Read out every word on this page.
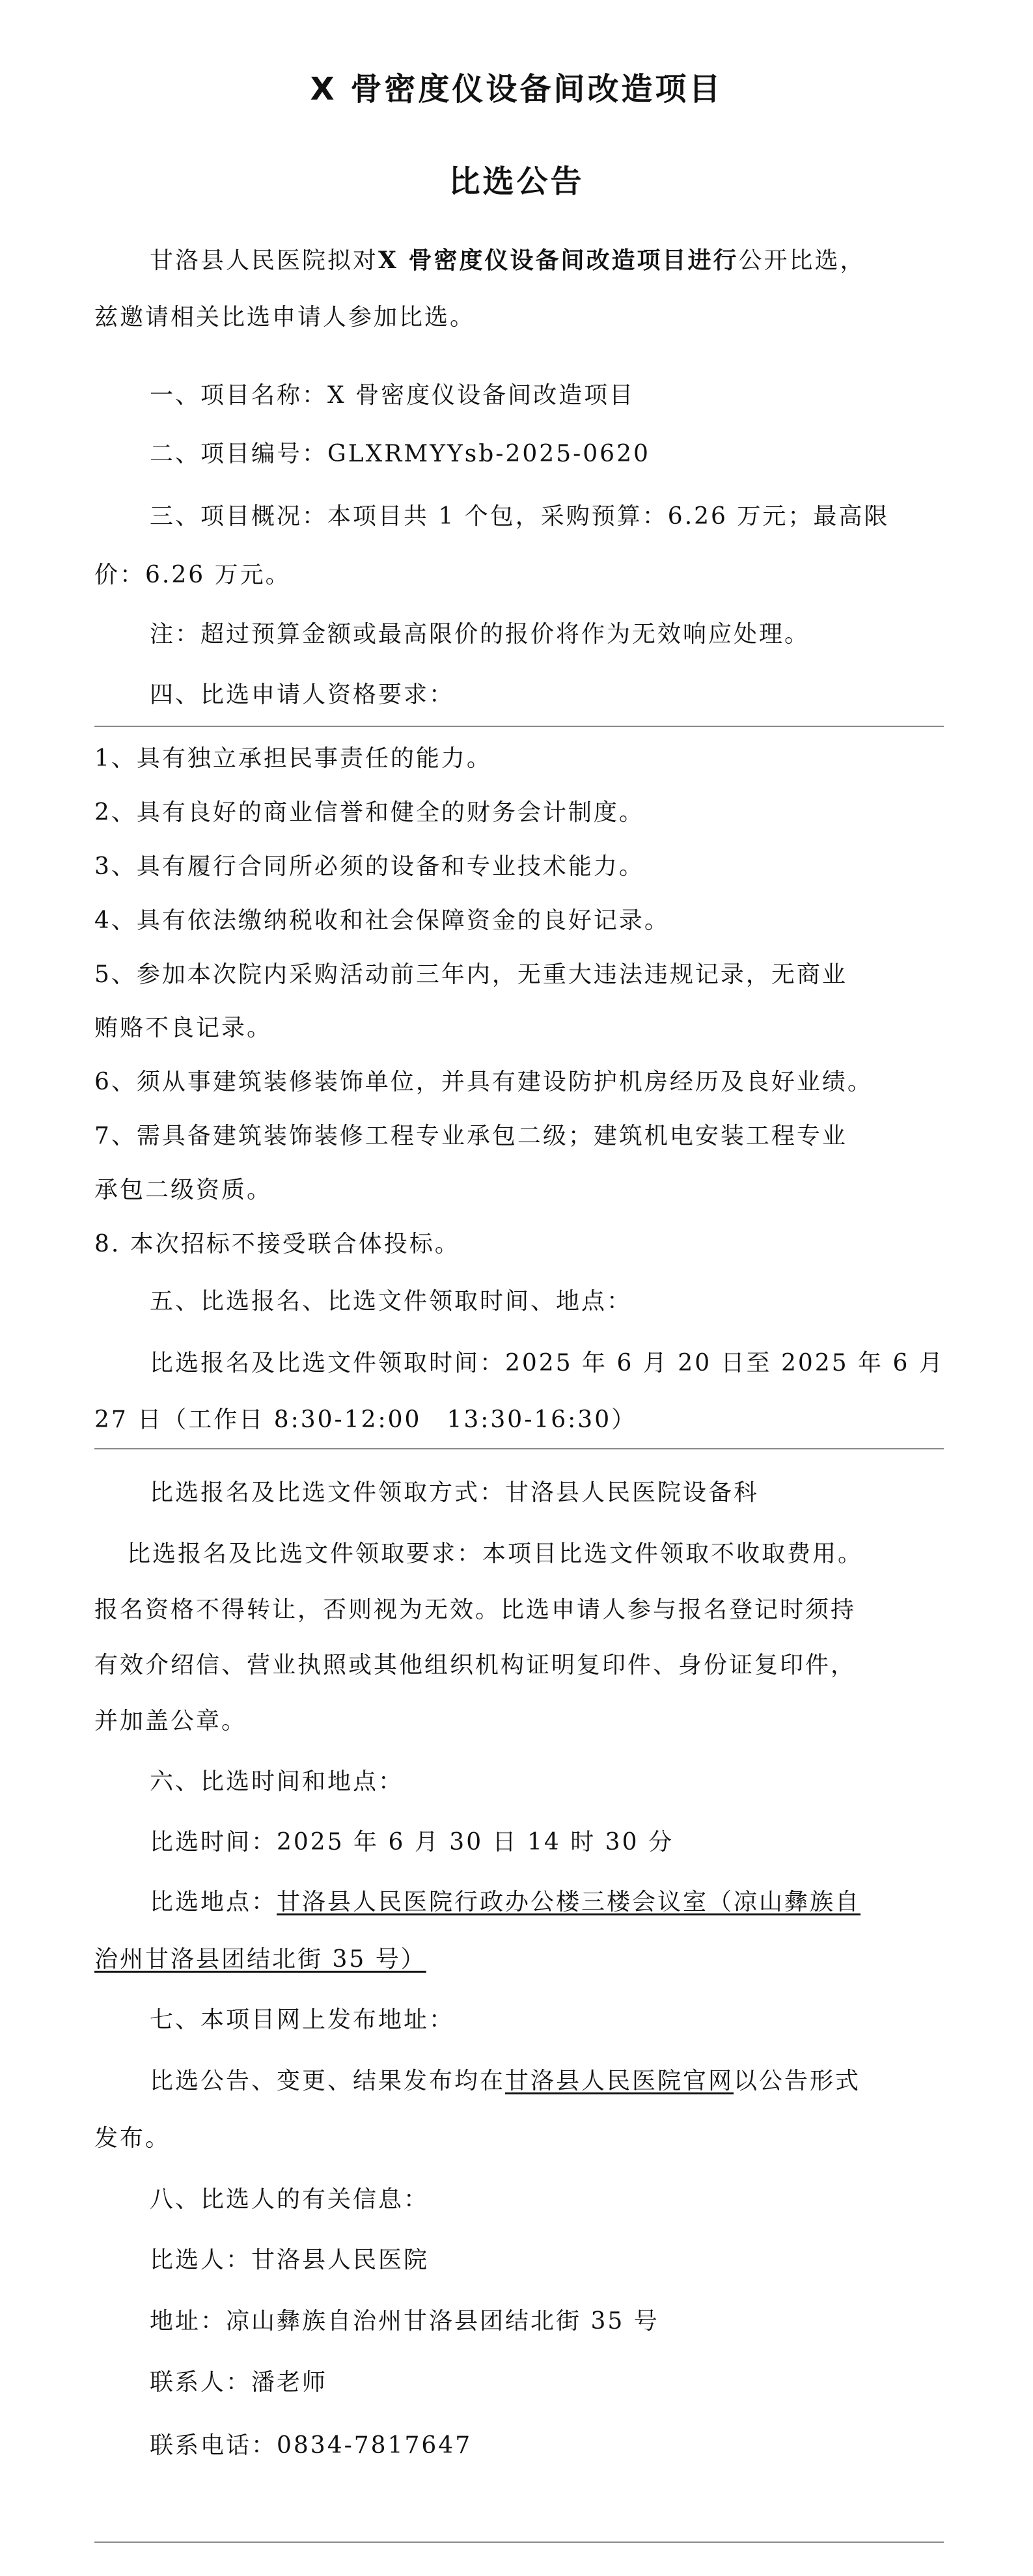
X 骨密度仪设备间改造项目
比选公告
甘洛县人民医院拟对X 骨密度仪设备间改造项目进行公开比选，
兹邀请相关比选申请人参加比选。
一、项目名称：X 骨密度仪设备间改造项目
二、项目编号：GLXRMYYsb-2025-0620
三、项目概况：本项目共 1 个包，采购预算：6.26 万元；最高限
价：6.26 万元。
注：超过预算金额或最高限价的报价将作为无效响应处理。
四、比选申请人资格要求：
1、具有独立承担民事责任的能力。
2、具有良好的商业信誉和健全的财务会计制度。
3、具有履行合同所必须的设备和专业技术能力。
4、具有依法缴纳税收和社会保障资金的良好记录。
5、参加本次院内采购活动前三年内，无重大违法违规记录，无商业
贿赂不良记录。
6、须从事建筑装修装饰单位，并具有建设防护机房经历及良好业绩。
7、需具备建筑装饰装修工程专业承包二级；建筑机电安装工程专业
承包二级资质。
8. 本次招标不接受联合体投标。
五、比选报名、比选文件领取时间、地点：
比选报名及比选文件领取时间：2025 年 6 月 20 日至 2025 年 6 月
27 日（工作日 8:30-12:00　13:30-16:30）
比选报名及比选文件领取方式：甘洛县人民医院设备科
比选报名及比选文件领取要求：本项目比选文件领取不收取费用。
报名资格不得转让，否则视为无效。比选申请人参与报名登记时须持
有效介绍信、营业执照或其他组织机构证明复印件、身份证复印件，
并加盖公章。
六、比选时间和地点：
比选时间：2025 年 6 月 30 日 14 时 30 分
比选地点：甘洛县人民医院行政办公楼三楼会议室（凉山彝族自
治州甘洛县团结北街 35 号）
七、本项目网上发布地址：
比选公告、变更、结果发布均在甘洛县人民医院官网以公告形式
发布。
八、比选人的有关信息：
比选人：甘洛县人民医院
地址：凉山彝族自治州甘洛县团结北街 35 号
联系人：潘老师
联系电话：0834-7817647
